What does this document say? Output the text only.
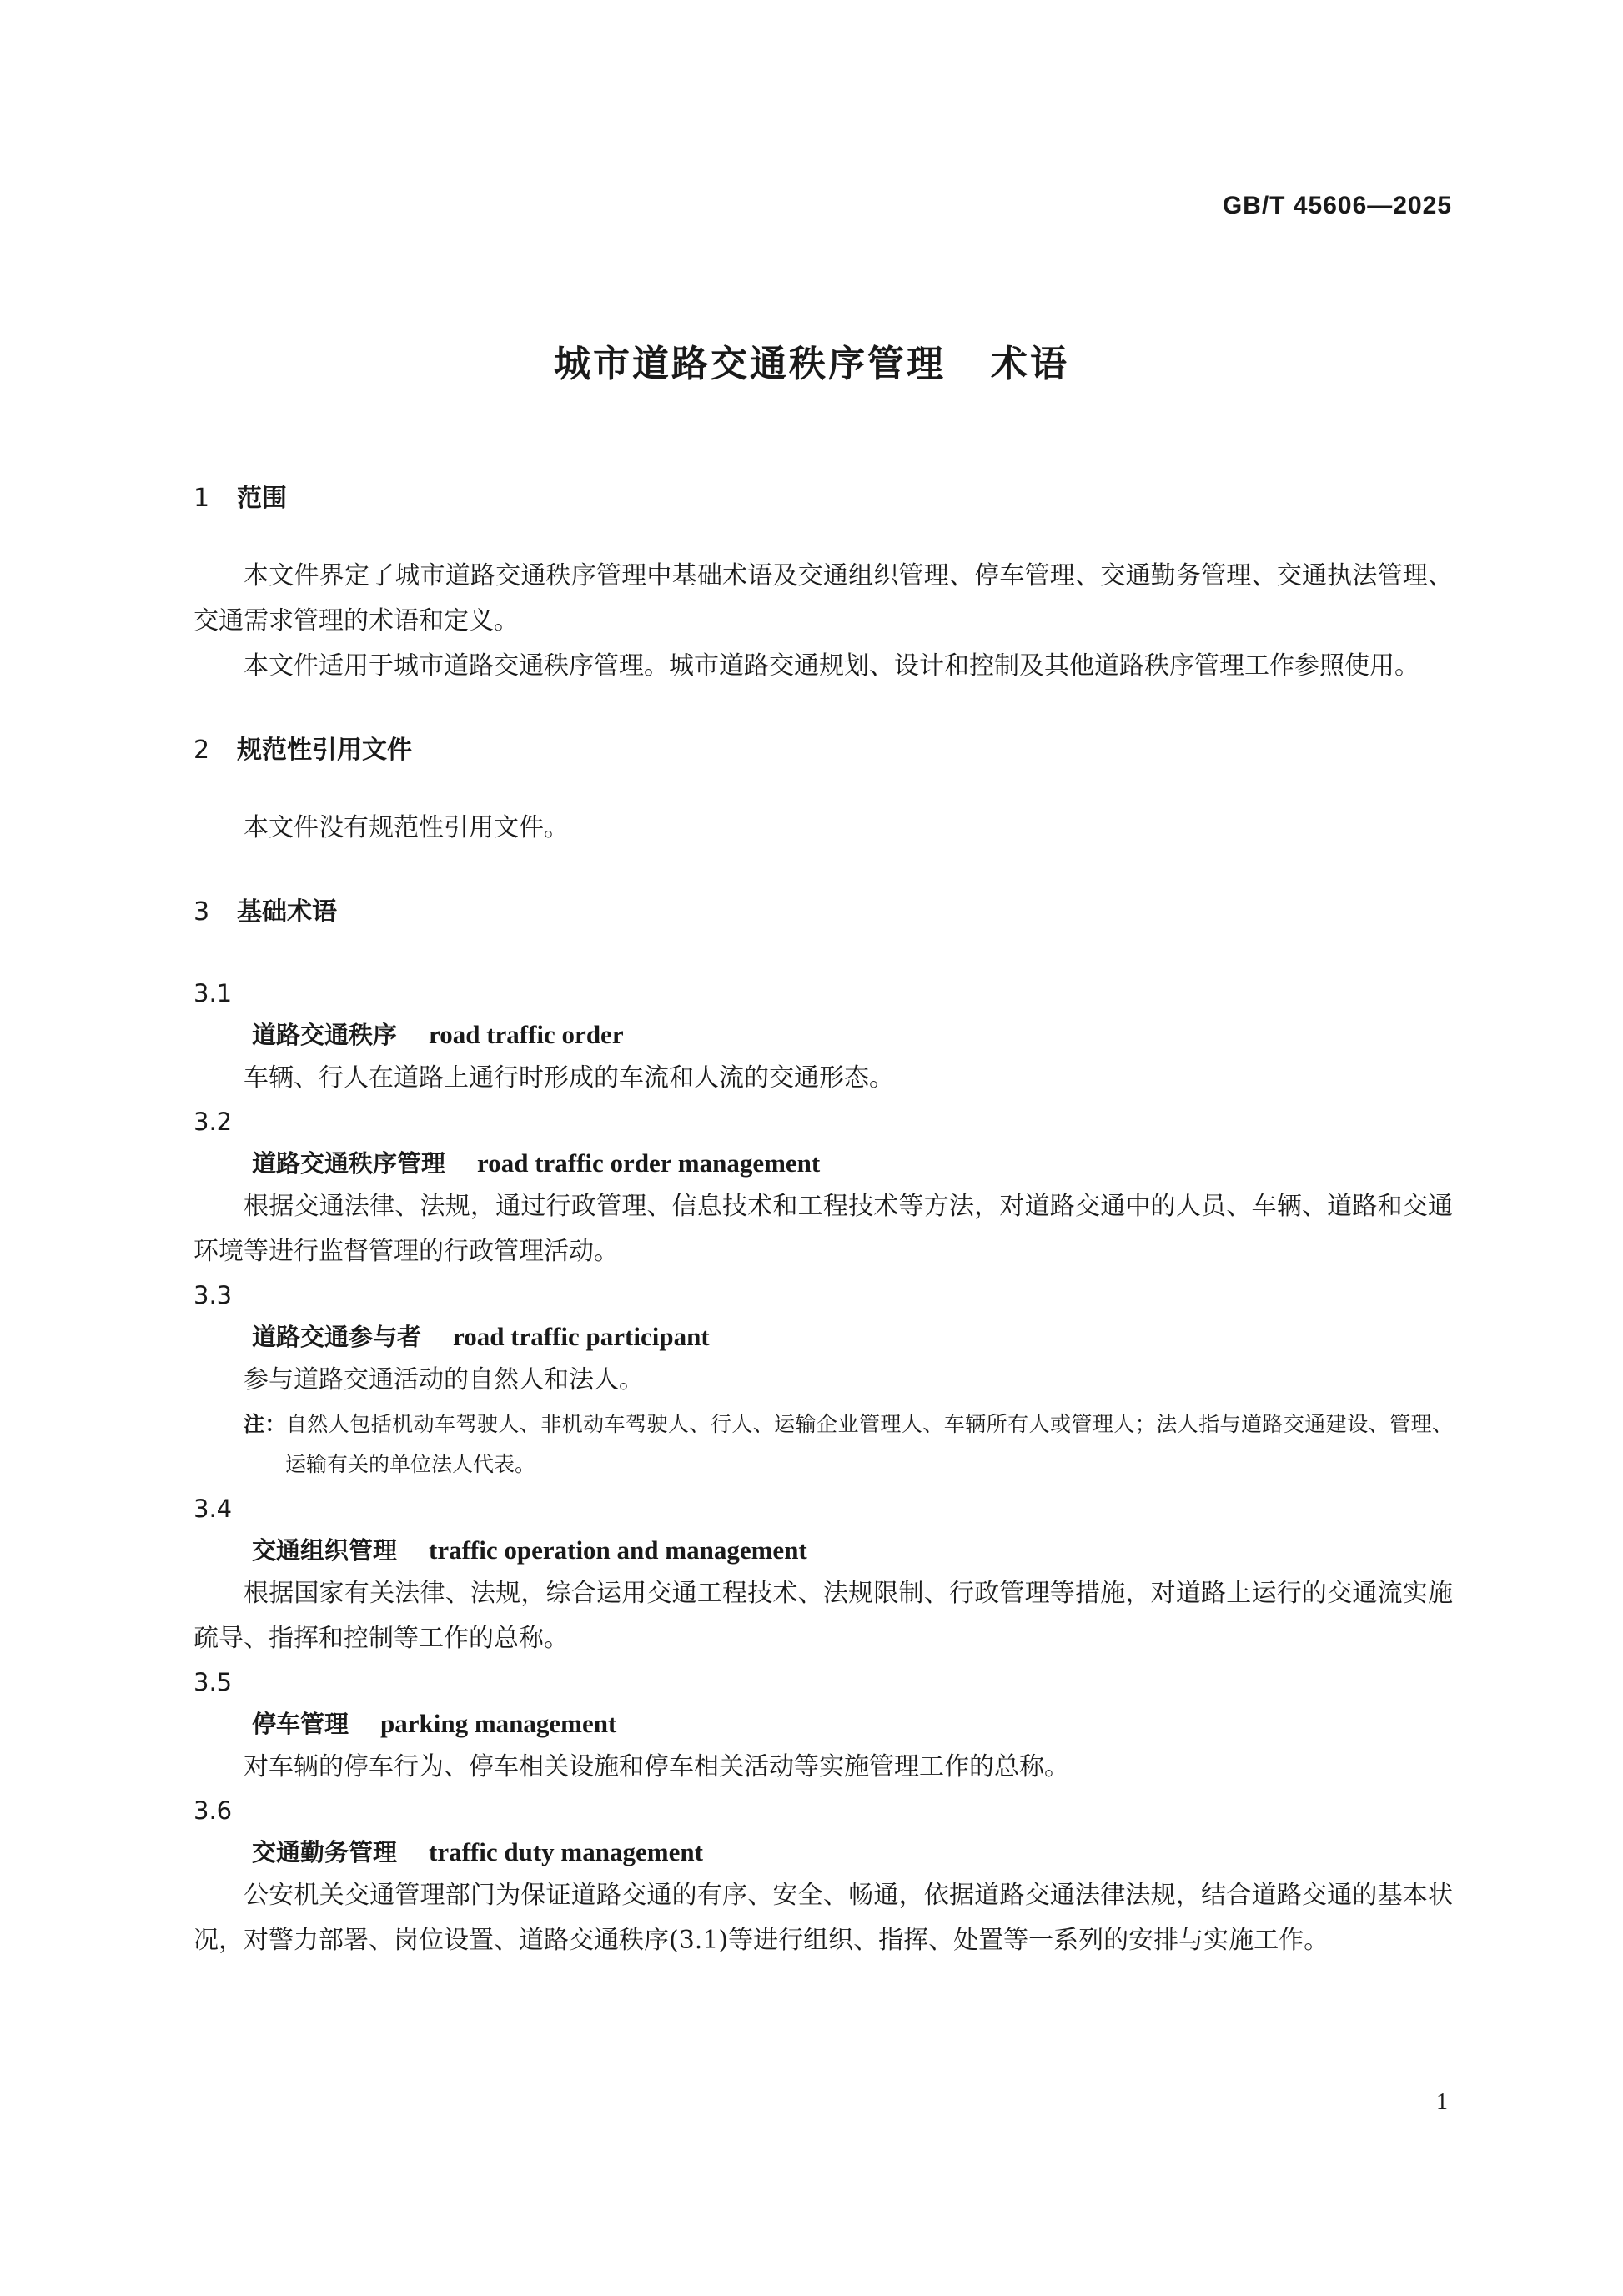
GB/T 45606—2025
城市道路交通秩序管理 术语
1 范围

本文件界定了城市道路交通秩序管理中基础术语及交通组织管理、停车管理、交通勤务管理、交通执法管理、交通需求管理的术语和定义。

本文件适用于城市道路交通秩序管理。城市道路交通规划、设计和控制及其他道路秩序管理工作参照使用。

2 规范性引用文件

本文件没有规范性引用文件。

3 基础术语
3.1
道路交通秩序 road traffic order

车辆、行人在道路上通行时形成的车流和人流的交通形态。

3.2
道路交通秩序管理 road traffic order management

根据交通法律、法规，通过行政管理、信息技术和工程技术等方法，对道路交通中的人员、车辆、道路和交通环境等进行监督管理的行政管理活动。

3.3
道路交通参与者 road traffic participant

参与道路交通活动的自然人和法人。

注：自然人包括机动车驾驶人、非机动车驾驶人、行人、运输企业管理人、车辆所有人或管理人；法人指与道路交通建设、管理、运输有关的单位法人代表。

3.4
交通组织管理 traffic operation and management

根据国家有关法律、法规，综合运用交通工程技术、法规限制、行政管理等措施，对道路上运行的交通流实施疏导、指挥和控制等工作的总称。

3.5
停车管理 parking management

对车辆的停车行为、停车相关设施和停车相关活动等实施管理工作的总称。

3.6
交通勤务管理 traffic duty management

公安机关交通管理部门为保证道路交通的有序、安全、畅通，依据道路交通法律法规，结合道路交通的基本状况，对警力部署、岗位设置、道路交通秩序(3.1)等进行组织、指挥、处置等一系列的安排与实施工作。

1
